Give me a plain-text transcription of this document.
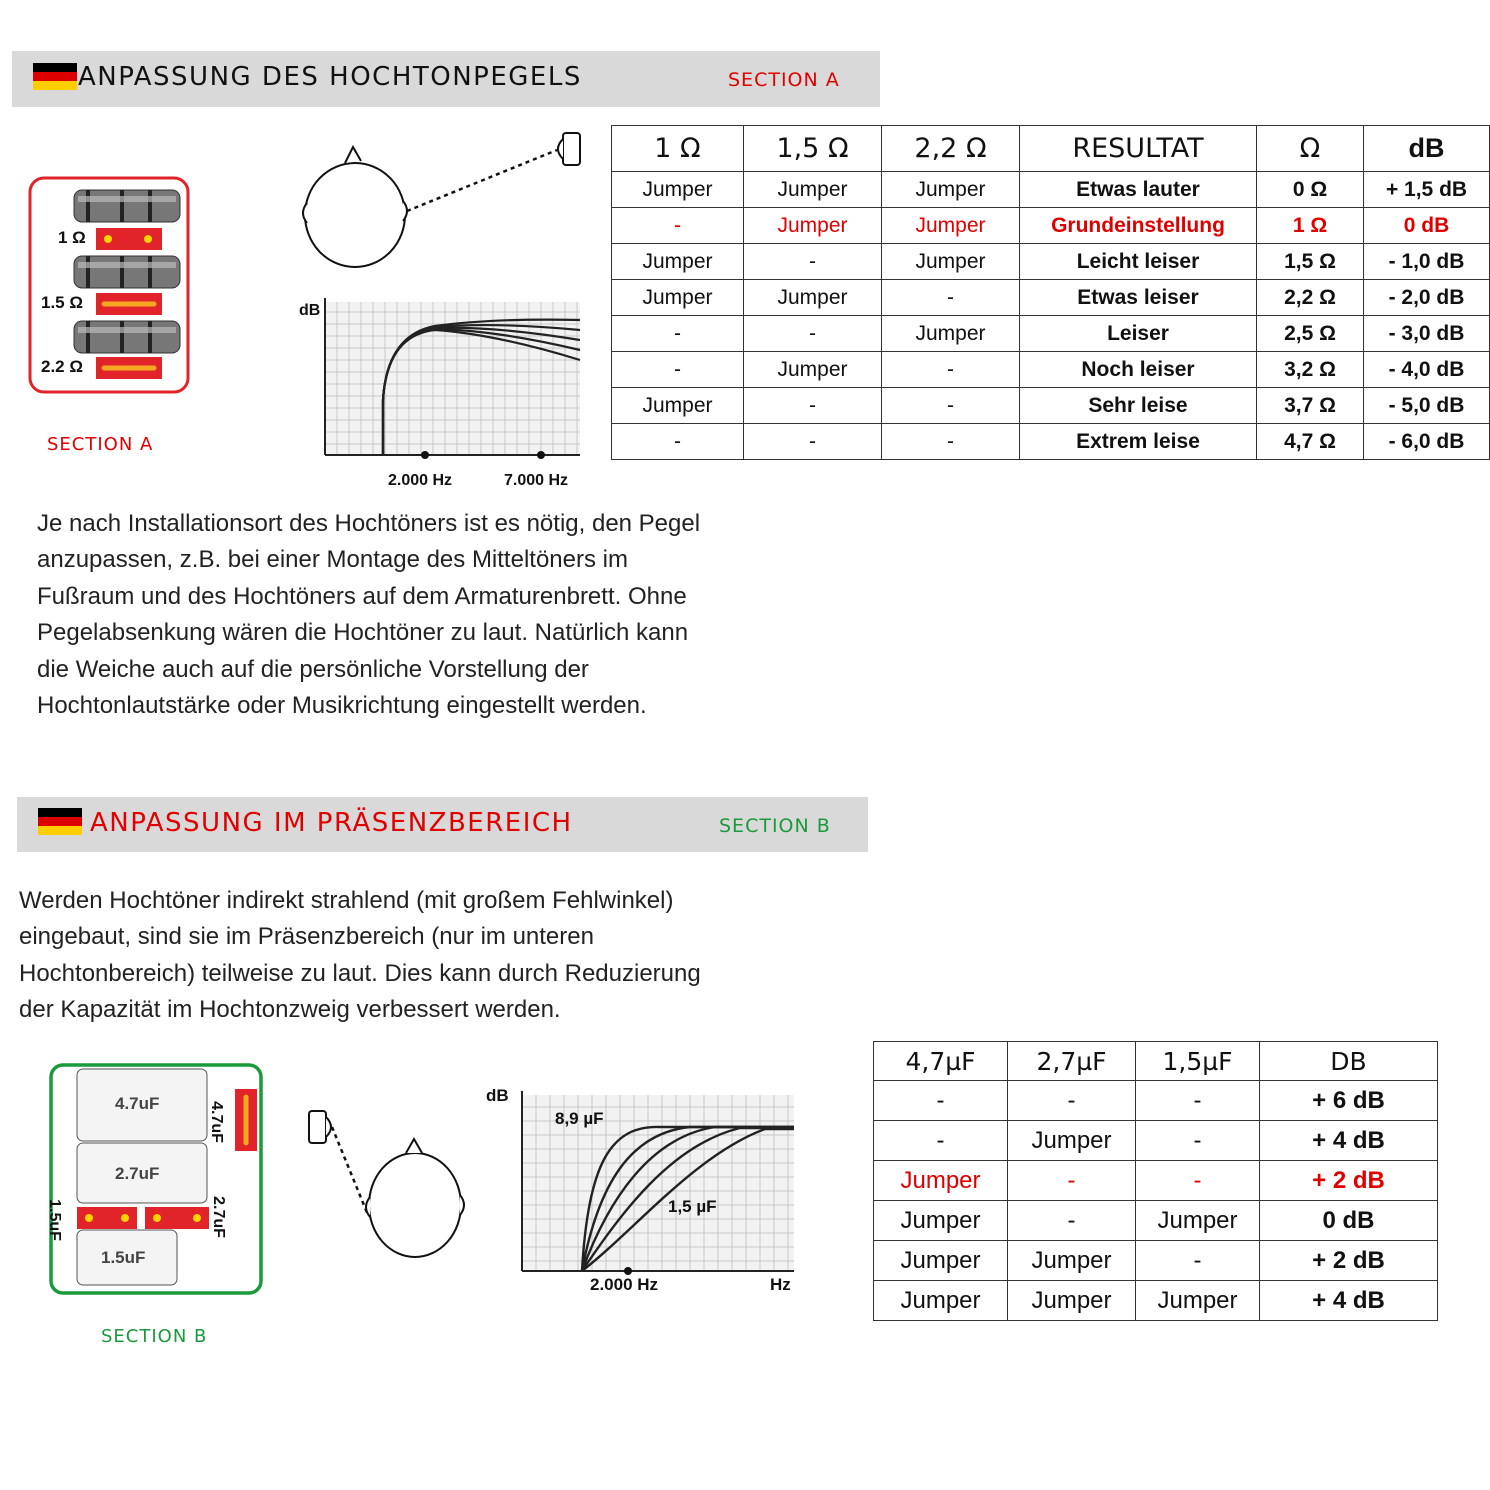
ANPASSUNG DES HOCHTONPEGELS	SECTION A
1 Ω
1.5 Ω
2.2 Ω
SECTION A
dB
2.000 Hz	7.000 Hz
1 Ω	1,5 Ω	2,2 Ω	RESULTAT	Ω	dB
Jumper	Jumper	Jumper	Etwas lauter	0 Ω	+ 1,5 dB
-	Jumper	Jumper	Grundeinstellung	1 Ω	0 dB
Jumper	-	Jumper	Leicht leiser	1,5 Ω	- 1,0 dB
Jumper	Jumper	-	Etwas leiser	2,2 Ω	- 2,0 dB
-	-	Jumper	Leiser	2,5 Ω	- 3,0 dB
-	Jumper	-	Noch leiser	3,2 Ω	- 4,0 dB
Jumper	-	-	Sehr leise	3,7 Ω	- 5,0 dB
-	-	-	Extrem leise	4,7 Ω	- 6,0 dB
Je nach Installationsort des Hochtöners ist es nötig, den Pegel
anzupassen, z.B. bei einer Montage des Mitteltöners im
Fußraum und des Hochtöners auf dem Armaturenbrett. Ohne
Pegelabsenkung wären die Hochtöner zu laut. Natürlich kann
die Weiche auch auf die persönliche Vorstellung der
Hochtonlautstärke oder Musikrichtung eingestellt werden.
ANPASSUNG IM PRÄSENZBEREICH	SECTION B
Werden Hochtöner indirekt strahlend (mit großem Fehlwinkel)
eingebaut, sind sie im Präsenzbereich (nur im unteren
Hochtonbereich) teilweise zu laut. Dies kann durch Reduzierung
der Kapazität im Hochtonzweig verbessert werden.
4.7uF
2.7uF
1.5uF
4.7uF
1.5uF	2.7uF
SECTION B
dB
8,9 µF
1,5 µF
2.000 Hz	Hz
4,7µF	2,7µF	1,5µF	DB
-	-	-	+ 6 dB
-	Jumper	-	+ 4 dB
Jumper	-	-	+ 2 dB
Jumper	-	Jumper	0 dB
Jumper	Jumper	-	+ 2 dB
Jumper	Jumper	Jumper	+ 4 dB
